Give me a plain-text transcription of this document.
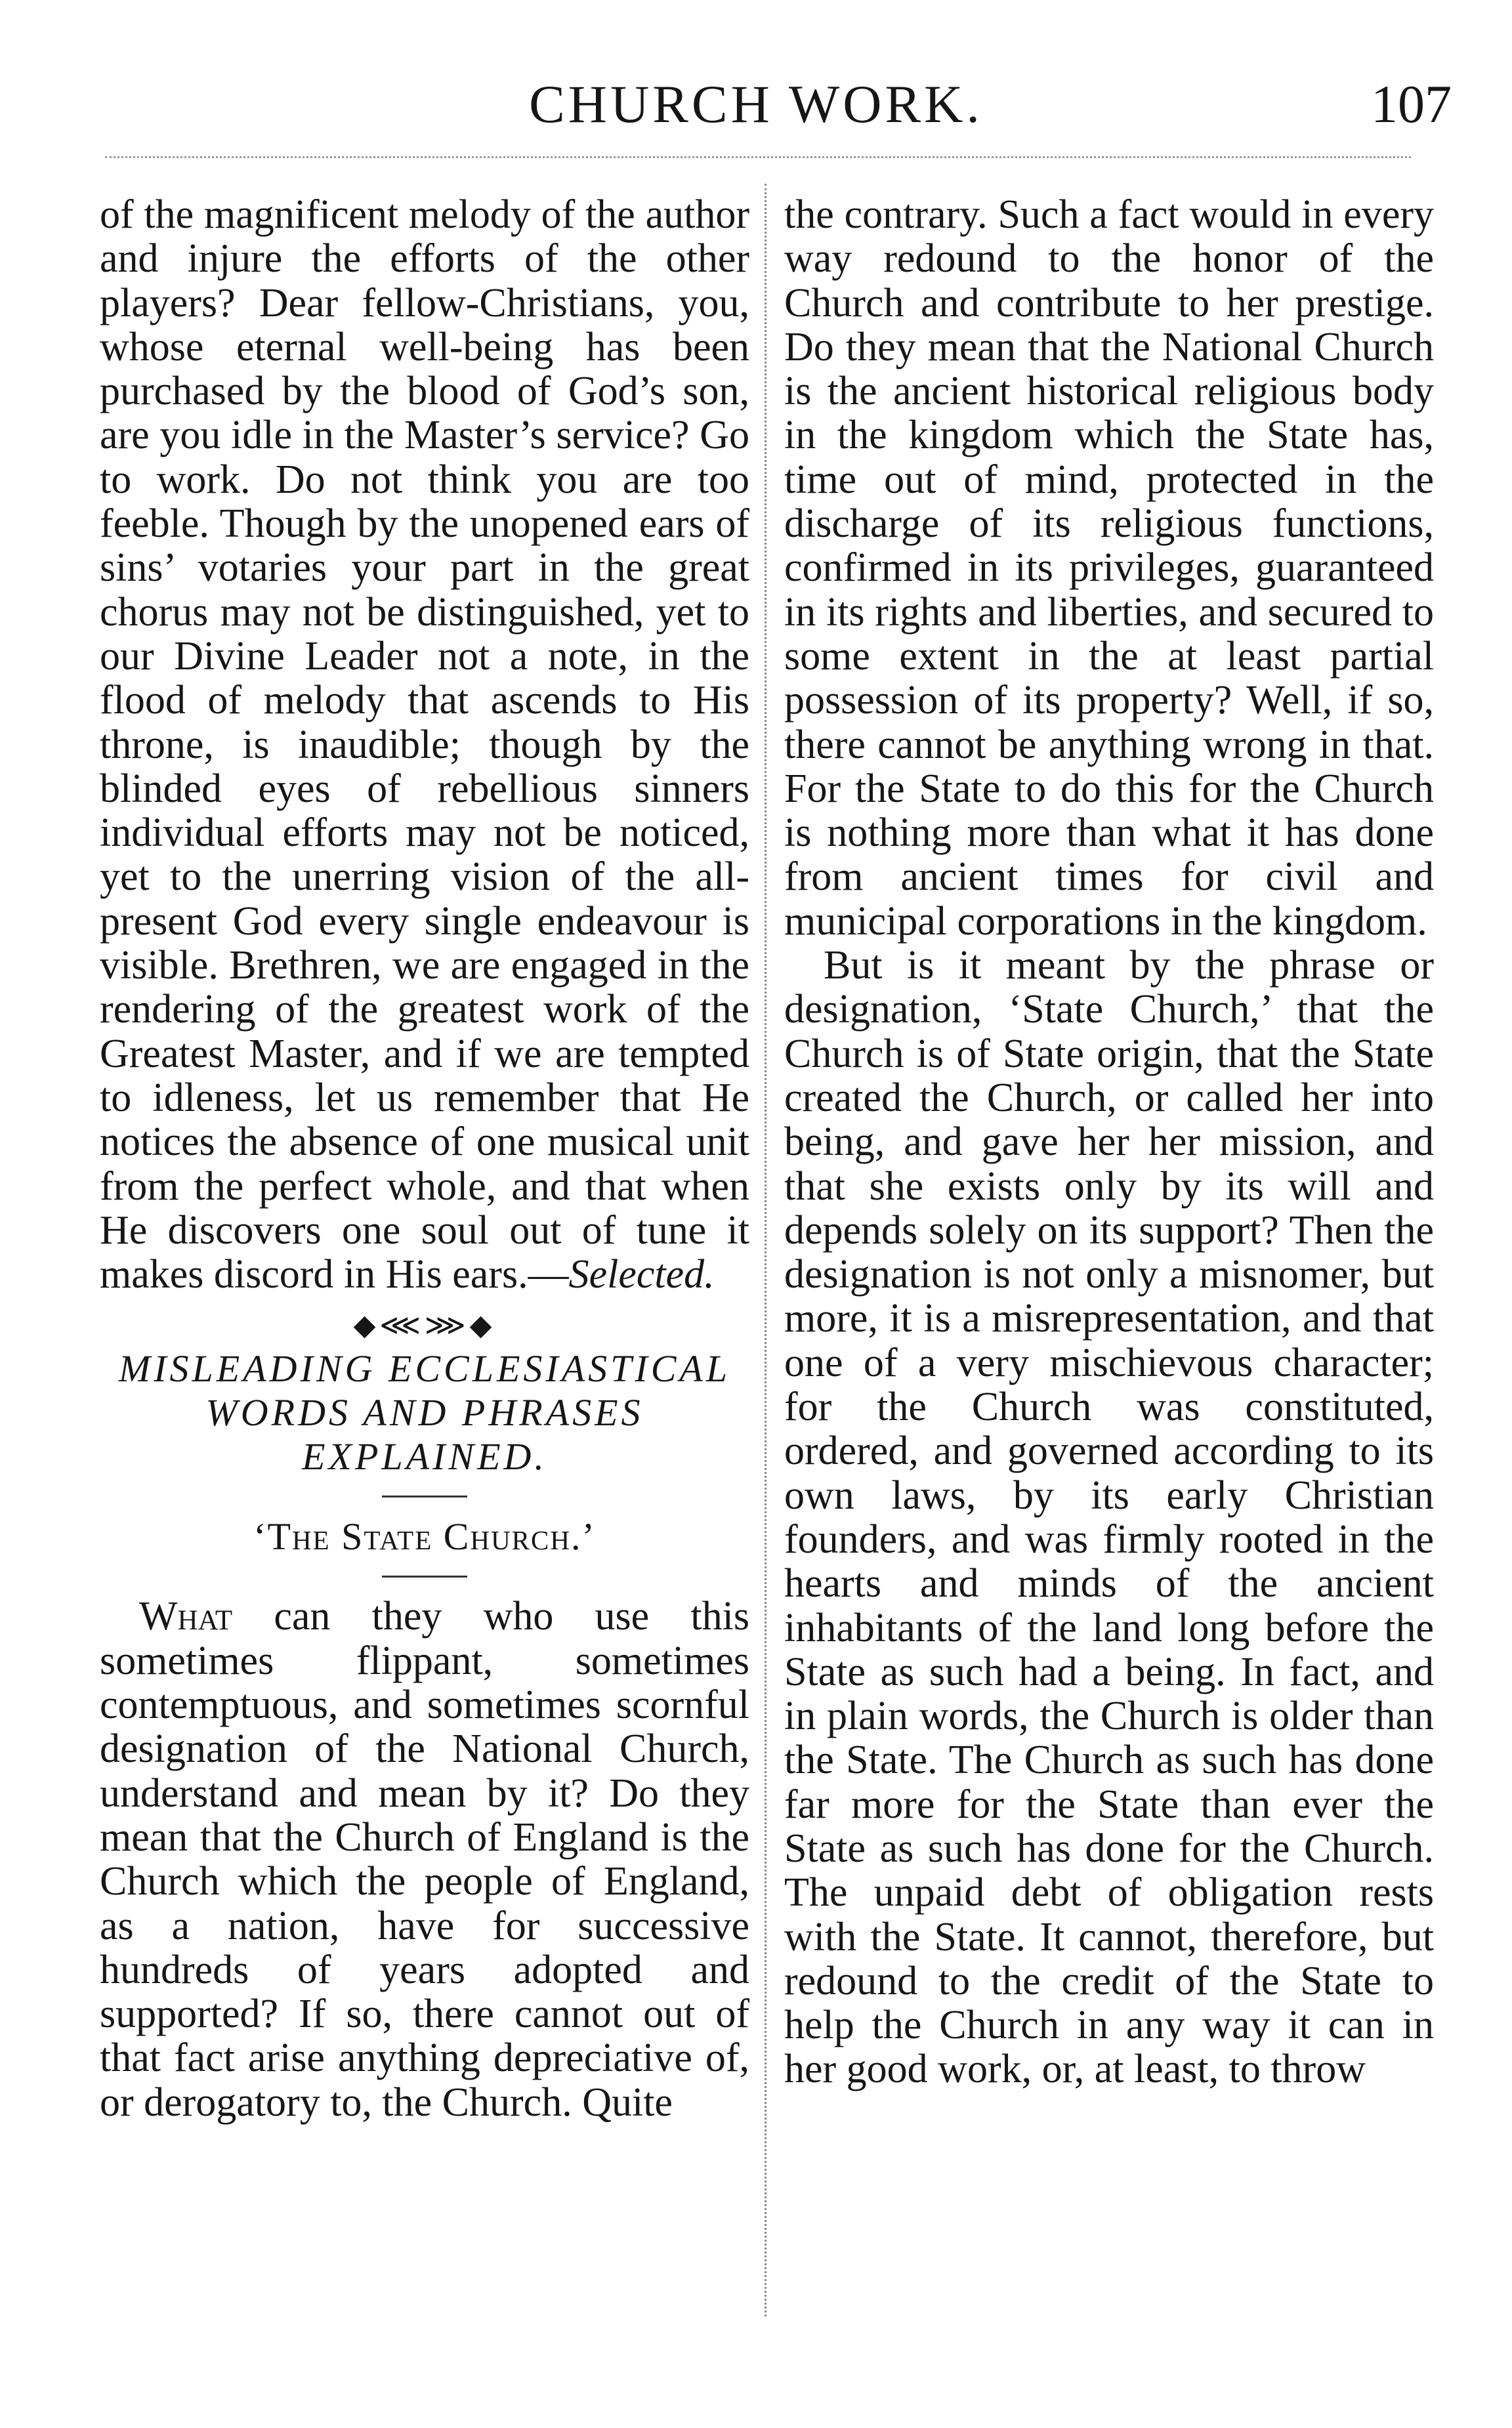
CHURCH WORK.	107

of the magnificent melody of the author and injure the efforts of the other players? Dear fellow-Christians, you, whose eternal well-being has been purchased by the blood of God’s son, are you idle in the Master’s service? Go to work. Do not think you are too feeble. Though by the unopened ears of sins’ votaries your part in the great chorus may not be distinguished, yet to our Divine Leader not a note, in the flood of melody that ascends to His throne, is inaudible; though by the blinded eyes of rebellious sinners individual efforts may not be noticed, yet to the unerring vision of the all-present God every single endeavour is visible. Brethren, we are engaged in the rendering of the greatest work of the Greatest Master, and if we are tempted to idleness, let us remember that He notices the absence of one musical unit from the perfect whole, and that when He discovers one soul out of tune it makes discord in His ears.—Selected.

◆⋘⋙◆
MISLEADING ECCLESIASTICAL WORDS AND PHRASES EXPLAINED.
‘The State Church.’

What can they who use this sometimes flippant, sometimes contemptuous, and sometimes scornful designation of the National Church, understand and mean by it? Do they mean that the Church of England is the Church which the people of England, as a nation, have for successive hundreds of years adopted and supported? If so, there cannot out of that fact arise anything depreciative of, or derogatory to, the Church. Quite

the contrary. Such a fact would in every way redound to the honor of the Church and contribute to her prestige. Do they mean that the National Church is the ancient historical religious body in the kingdom which the State has, time out of mind, protected in the discharge of its religious functions, confirmed in its privileges, guaranteed in its rights and liberties, and secured to some extent in the at least partial possession of its property? Well, if so, there cannot be anything wrong in that. For the State to do this for the Church is nothing more than what it has done from ancient times for civil and municipal corporations in the kingdom.

But is it meant by the phrase or designation, ‘State Church,’ that the Church is of State origin, that the State created the Church, or called her into being, and gave her her mission, and that she exists only by its will and depends solely on its support? Then the designation is not only a misnomer, but more, it is a misrepresentation, and that one of a very mischievous character; for the Church was constituted, ordered, and governed according to its own laws, by its early Christian founders, and was firmly rooted in the hearts and minds of the ancient inhabitants of the land long before the State as such had a being. In fact, and in plain words, the Church is older than the State. The Church as such has done far more for the State than ever the State as such has done for the Church. The unpaid debt of obligation rests with the State. It cannot, therefore, but redound to the credit of the State to help the Church in any way it can in her good work, or, at least, to throw
